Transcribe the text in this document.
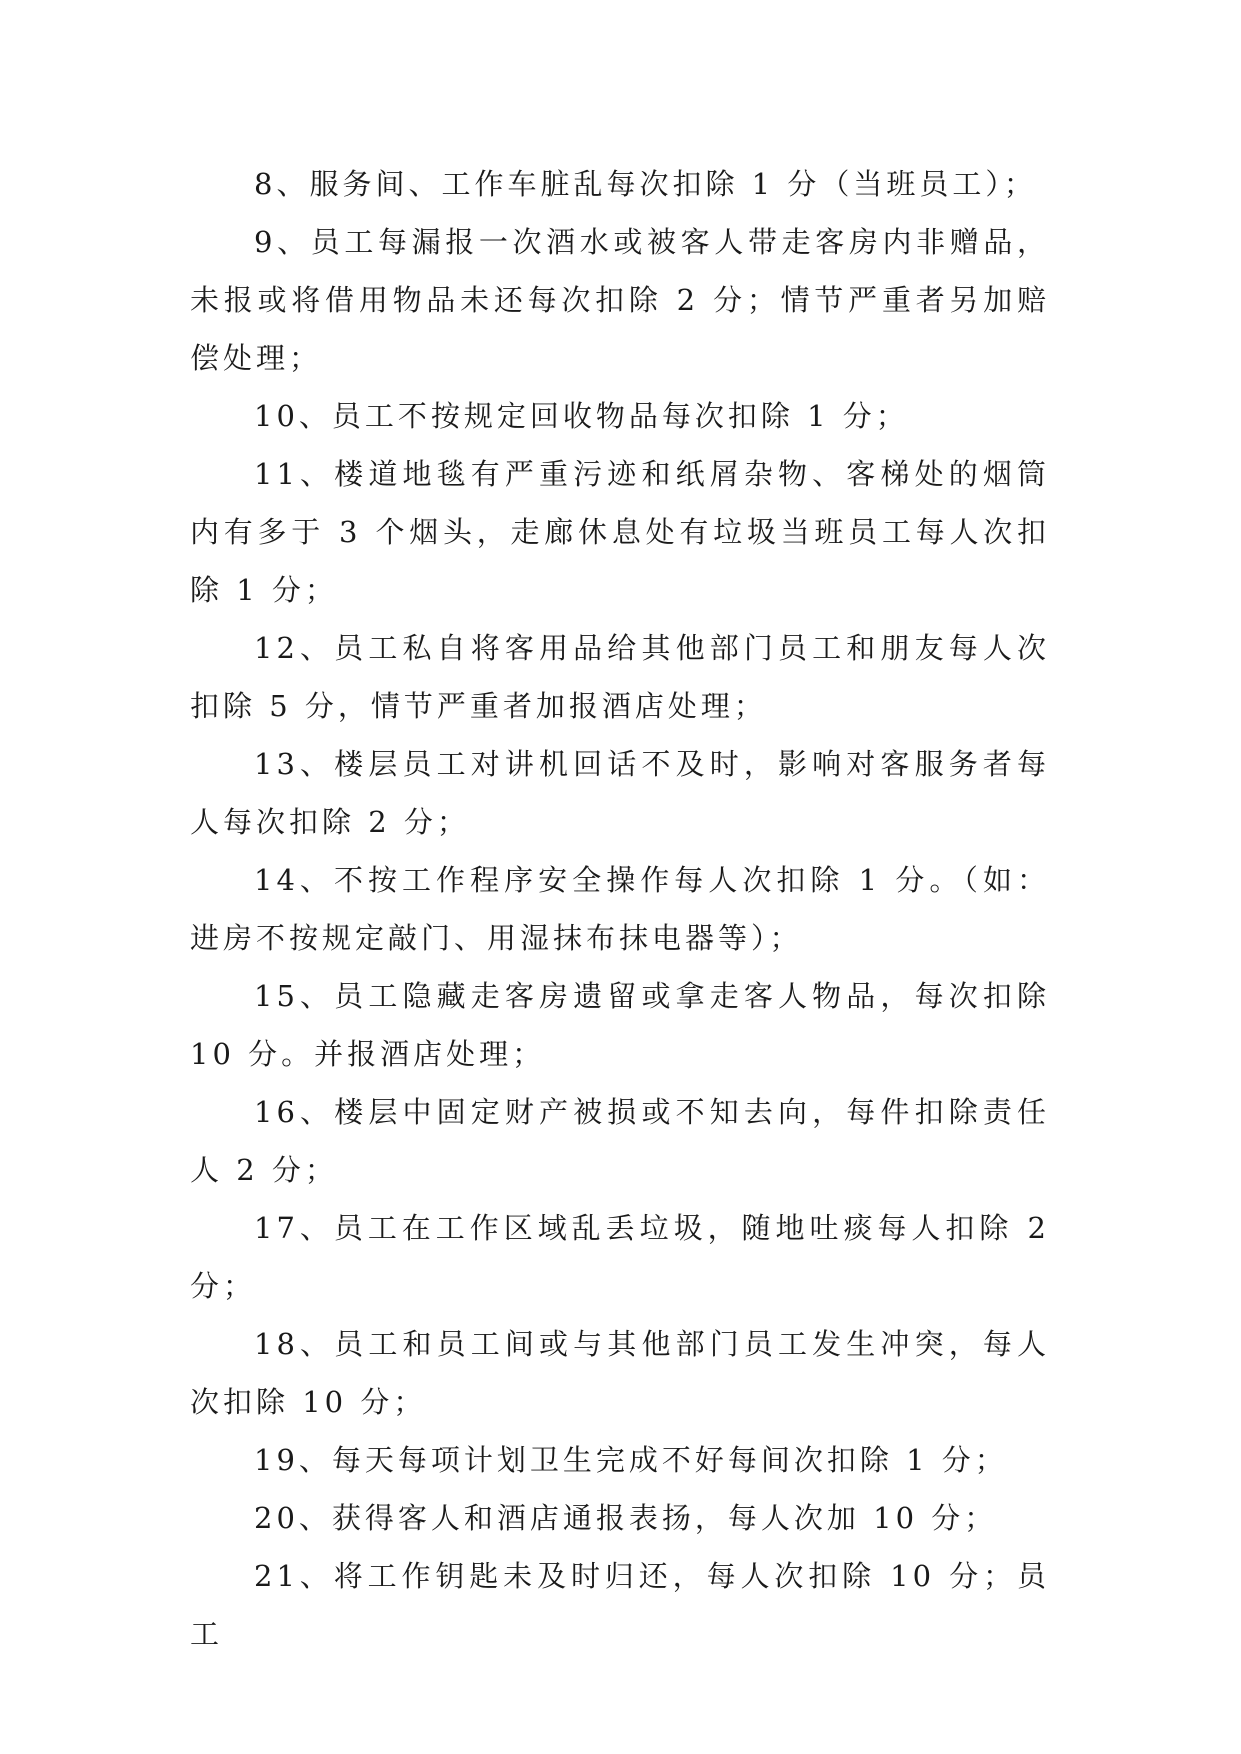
8、服务间、工作车脏乱每次扣除 1 分（当班员工）；

9、员工每漏报一次酒水或被客人带走客房内非赠品，未报或将借用物品未还每次扣除 2 分；情节严重者另加赔偿处理；

10、员工不按规定回收物品每次扣除 1 分；

11、楼道地毯有严重污迹和纸屑杂物、客梯处的烟筒内有多于 3 个烟头，走廊休息处有垃圾当班员工每人次扣除 1 分；

12、员工私自将客用品给其他部门员工和朋友每人次扣除 5 分，情节严重者加报酒店处理；

13、楼层员工对讲机回话不及时，影响对客服务者每人每次扣除 2 分；

14、不按工作程序安全操作每人次扣除 1 分。（如：进房不按规定敲门、用湿抹布抹电器等）；

15、员工隐藏走客房遗留或拿走客人物品，每次扣除 10 分。并报酒店处理；

16、楼层中固定财产被损或不知去向，每件扣除责任人 2 分；

17、员工在工作区域乱丢垃圾，随地吐痰每人扣除 2 分；

18、员工和员工间或与其他部门员工发生冲突，每人次扣除 10 分；

19、每天每项计划卫生完成不好每间次扣除 1 分；

20、获得客人和酒店通报表扬，每人次加 10 分；

21、将工作钥匙未及时归还，每人次扣除 10 分；员工
